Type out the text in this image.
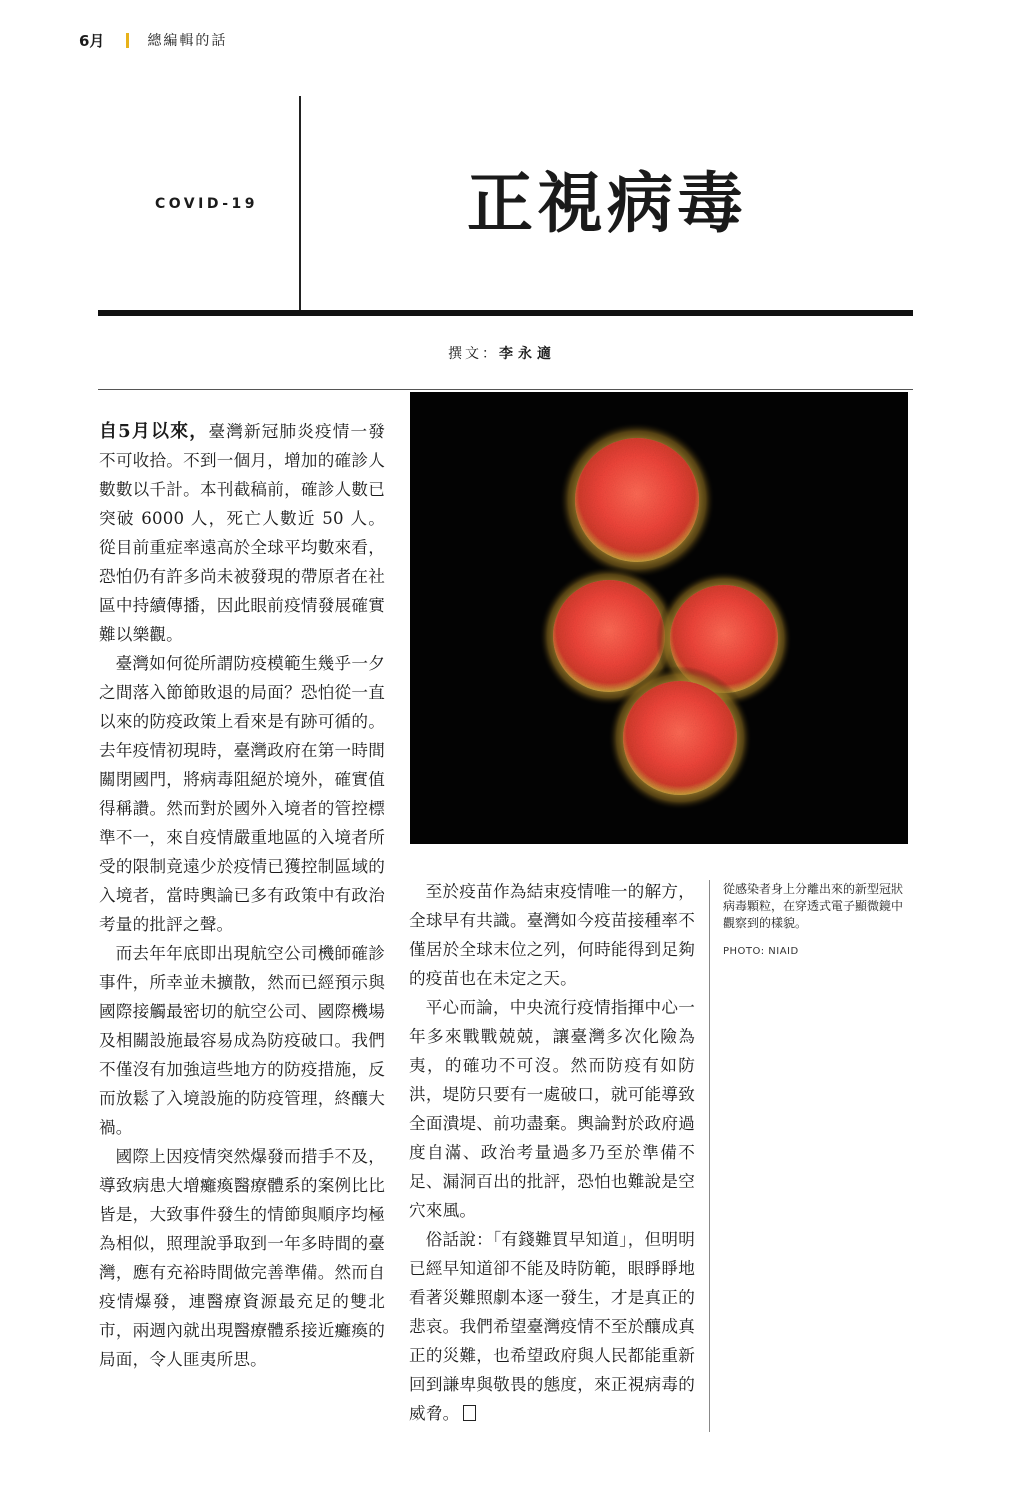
6月	總編輯的話
COVID-19	正視病毒
撰文：李永適

自5月以來，臺灣新冠肺炎疫情一發不可收拾。不到一個月，增加的確診人數數以千計。本刊截稿前，確診人數已突破 6000 人，死亡人數近 50 人。從目前重症率遠高於全球平均數來看，恐怕仍有許多尚未被發現的帶原者在社區中持續傳播，因此眼前疫情發展確實難以樂觀。

臺灣如何從所謂防疫模範生幾乎一夕之間落入節節敗退的局面？恐怕從一直以來的防疫政策上看來是有跡可循的。去年疫情初現時，臺灣政府在第一時間關閉國門，將病毒阻絕於境外，確實值得稱讚。然而對於國外入境者的管控標準不一，來自疫情嚴重地區的入境者所受的限制竟遠少於疫情已獲控制區域的入境者，當時輿論已多有政策中有政治考量的批評之聲。

而去年年底即出現航空公司機師確診事件，所幸並未擴散，然而已經預示與國際接觸最密切的航空公司、國際機場及相關設施最容易成為防疫破口。我們不僅沒有加強這些地方的防疫措施，反而放鬆了入境設施的防疫管理，終釀大禍。

國際上因疫情突然爆發而措手不及，導致病患大增癱瘓醫療體系的案例比比皆是，大致事件發生的情節與順序均極為相似，照理說爭取到一年多時間的臺灣，應有充裕時間做完善準備。然而自疫情爆發，連醫療資源最充足的雙北市，兩週內就出現醫療體系接近癱瘓的局面，令人匪夷所思。

至於疫苗作為結束疫情唯一的解方，全球早有共識。臺灣如今疫苗接種率不僅居於全球末位之列，何時能得到足夠的疫苗也在未定之天。

平心而論，中央流行疫情指揮中心一年多來戰戰兢兢，讓臺灣多次化險為夷，的確功不可沒。然而防疫有如防洪，堤防只要有一處破口，就可能導致全面潰堤、前功盡棄。輿論對於政府過度自滿、政治考量過多乃至於準備不足、漏洞百出的批評，恐怕也難說是空穴來風。

俗話說：「有錢難買早知道」，但明明已經早知道卻不能及時防範，眼睜睜地看著災難照劇本逐一發生，才是真正的悲哀。我們希望臺灣疫情不至於釀成真正的災難，也希望政府與人民都能重新回到謙卑與敬畏的態度，來正視病毒的威脅。

從感染者身上分離出來的新型冠狀病毒顆粒，在穿透式電子顯微鏡中觀察到的樣貌。
PHOTO: NIAID
